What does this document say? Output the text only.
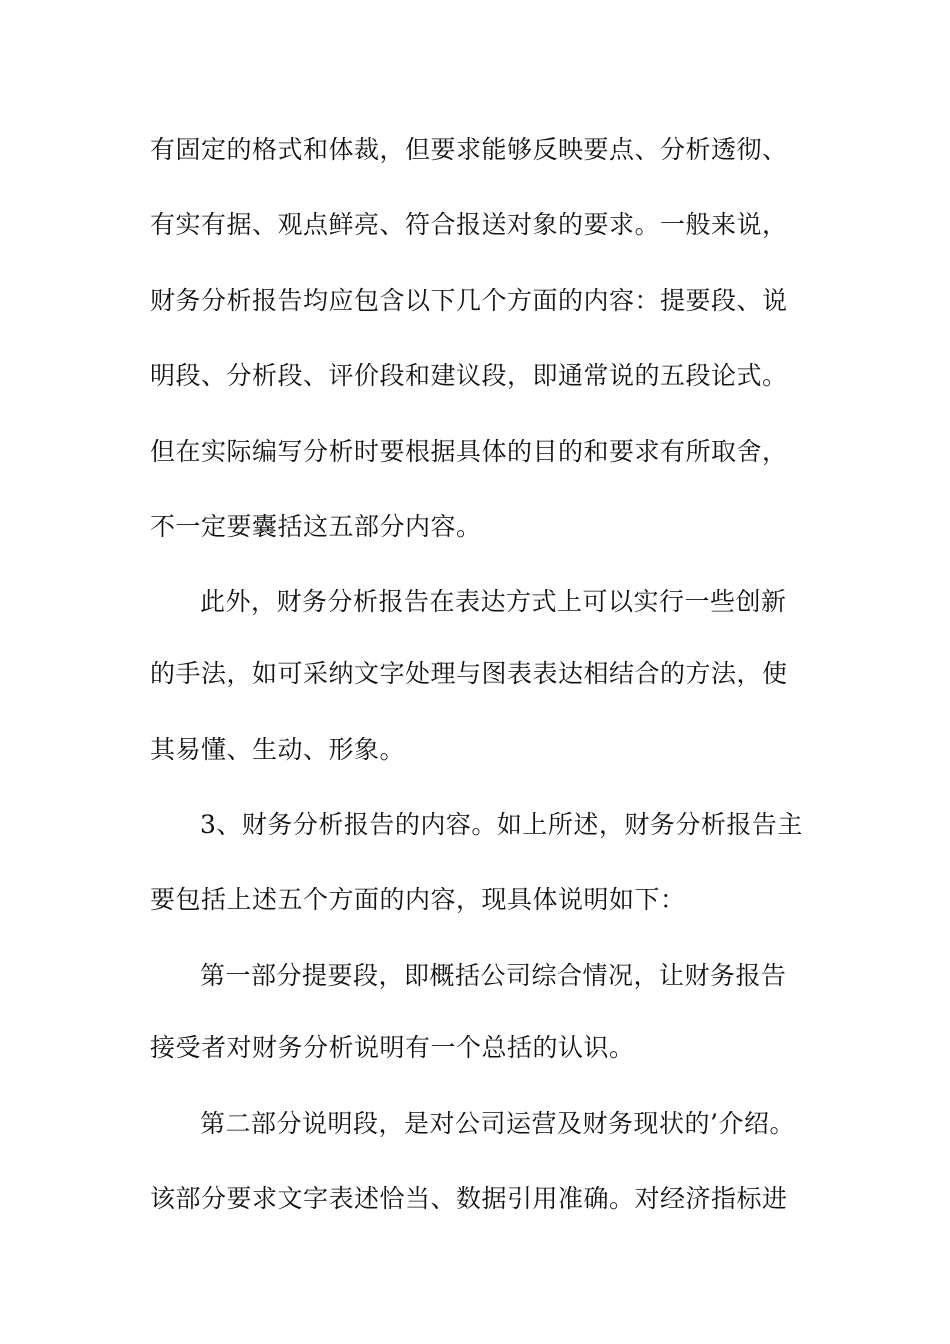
有固定的格式和体裁，但要求能够反映要点、分析透彻、
有实有据、观点鲜亮、符合报送对象的要求。一般来说，
财务分析报告均应包含以下几个方面的内容：提要段、说
明段、分析段、评价段和建议段，即通常说的五段论式。
但在实际编写分析时要根据具体的目的和要求有所取舍，
不一定要囊括这五部分内容。
此外，财务分析报告在表达方式上可以实行一些创新
的手法，如可采纳文字处理与图表表达相结合的方法，使
其易懂、生动、形象。
3、财务分析报告的内容。如上所述，财务分析报告主
要包括上述五个方面的内容，现具体说明如下：
第一部分提要段，即概括公司综合情况，让财务报告
接受者对财务分析说明有一个总括的认识。
第二部分说明段，是对公司运营及财务现状的’介绍。
该部分要求文字表述恰当、数据引用准确。对经济指标进
